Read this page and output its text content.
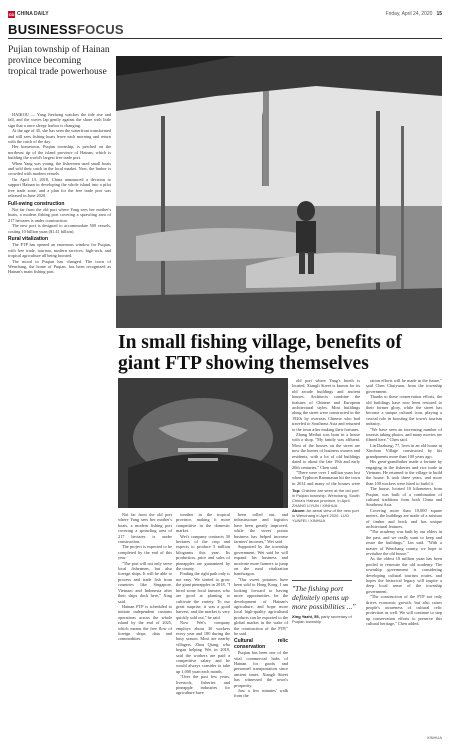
CD CHINA DAILY	Friday, April 24, 2020 15
BUSINESSFOCUS
Pujian township of Hainan province becoming tropical trade powerhouse

HAIKOU — Yang Jiezhong watches the tide rise and fall, and the waves lap gently against the shore with little sign that a once sleepy harbor is changing.

At the age of 45, she has seen the waterfront transformed and still sees fishing boats leave each morning and return with the catch of the day.

Her hometown, Puqian township, is perched on the northeast tip of the island province of Hainan, which is building the world's largest free trade port.

When Yang was young, the fishermen used small boats and sold their catch in the local market. Now, the harbor is crowded with modern vessels.

On April 13, 2018, China announced a decision to support Hainan in developing the whole island into a pilot free trade zone, and a plan for the free trade port was released in June 2020.

Full-swing construction

Not far from the old port where Yang sees her mother's boats, a modern fishing port covering a sprawling area of 217 hectares is under construction.

The new port is designed to accommodate 500 vessels, costing 10 billion yuan ($1.41 billion).

Rural vitalization

The FTP has opened an enormous window for Puqian, with free trade, tourism, modern services, high-tech, and tropical agriculture all being boosted.

The mood in Puqian has changed. The town of Wenchang, the home of Puqian, has been recognized as Hainan's main fishing port.

In small fishing village, benefits of giant FTP showing themselves

Not far from the old port where Yang sees her mother's boats, a modern fishing port covering a sprawling area of 217 hectares is under construction.

The project is expected to be completed by the end of this year.

"The port will not only serve local fishermen, but also foreign ships. It will be able to process and trade fish from countries like Singapore, Vietnam and Indonesia after their ships dock here," Xing said.

Hainan FTP is scheduled to initiate independent customs operations across the whole island by the end of 2025, which means the free flow of foreign ships, data and commodities.

weather in the tropical province, making it more competitive in the domestic market.

Wei's company contracts 30 hectares of the crop and expects to produce 5 million kilograms this year. Its production, price and sales of pineapples are guaranteed by the county.

Finding the right path only is not easy. We started to grow the giant pineapples in 2018. "I hired some local farmers who are good at planting to cultivate the variety. To our great surprise, it was a good harvest, and the market is very quickly sold out," he said.

Now Wei's company employs about 30 workers every year and 180 during the busy season. Most are nearby villagers. Zhou Qiang, who began helping Wei in 2019, said the workers are paid a competitive salary and he would always consider to take up 1,000 yuan each month.

"Over the past few years, livestock, fisheries and pineapple industries for agriculture have

been rolled out, and infrastructure and logistics have been greatly improved, while the sweet potato business has helped increase farmers' incomes," Wei said.

Supported by the township government, Wei said he will expand his business and motivate more farmers to jump on the rural vitalization bandwagon.

"Our sweet potatoes have been sold to Hong Kong. I am looking forward to having more opportunities for the development of Hainan's agriculture, and hope more local high-quality agricultural products can be exported to the global market in the wake of the construction of the FTP," he said.

Cultural relic conservation

Puqian has been one of the vital commercial hubs of Hainan for goods and personnel transportation since ancient times. Xiangli Street has witnessed the town's prosperity.

Just a few minutes' walk from the

old port where Yang's booth is located, Xiangli Street is known for its old arcade buildings and ancient houses. Architects combine the features of Chinese and European architectural styles. Most buildings along the street were constructed in the 1920s by overseas Chinese who had traveled to Southeast Asia and returned to the town after making their fortunes.

Zhang Meibai was born in a house with a shop. "My family was affluent. Most of the houses on the street are now the homes of business owners and residents, with a lot of old buildings dated to about the late 19th and early 20th centuries," Chen said.

"There were over 1 million yuan lost when Typhoon Rammasun hit the town in 2014 and many of the houses were

Top: Children are seen at the old port in Puqian township, Wenchang, South China's Hainan province, in April. ZHANG LIYUN / XINHUA

Above: An aerial view of the new port in Wenchang in April 2020. LUO YUNFEI / XINHUA

"The fishing port definitely opens up more possibilities ..."
Xing Yazhi, 55, party secretary of Puqian township

ration efforts will be made in the future," said Chen Chuiyuan, from the township government.

Thanks to these conservation efforts, the old buildings have now been restored to their former glory, while the street has become a unique cultural icon, playing a crucial role in boosting the town's tourism industry.

"We have seen an increasing number of tourists taking photos, and many movies are filmed here," Chen said.

Lin Dazhong, 77, lives in an old house in Xinchun Village constructed by his grandparents more than 100 years ago.

His great-grandfather made a fortune by engaging in the fisheries and rice trade in Vietnam. He returned to the village to build the house. It took three years, and more than 100 workers were hired to build it.

The house, located 10 kilometers from Puqian, was built of a combination of cultural traditions from both China and Southeast Asia.

Covering more than 10,000 square meters, the buildings are made of a mixture of timber and brick and has unique architectural features.

"The academy was built by our elders in the past, and we really want to keep and reuse the buildings," Lin said. "With a master of Wenchang county, we hope to revitalize the old house."

As the oldest 18 million yuan has been pooled to renovate the old academy. The township government is considering developing cultural tourism routes, and hopes the historical legacy will inspire a deep local sense of the township government.

"The construction of the FTP not only drives economic growth, but also raises people's awareness of cultural relic protection as well. We will continue to step up conservation efforts to preserve this cultural heritage," Chen added.

XINHUA
